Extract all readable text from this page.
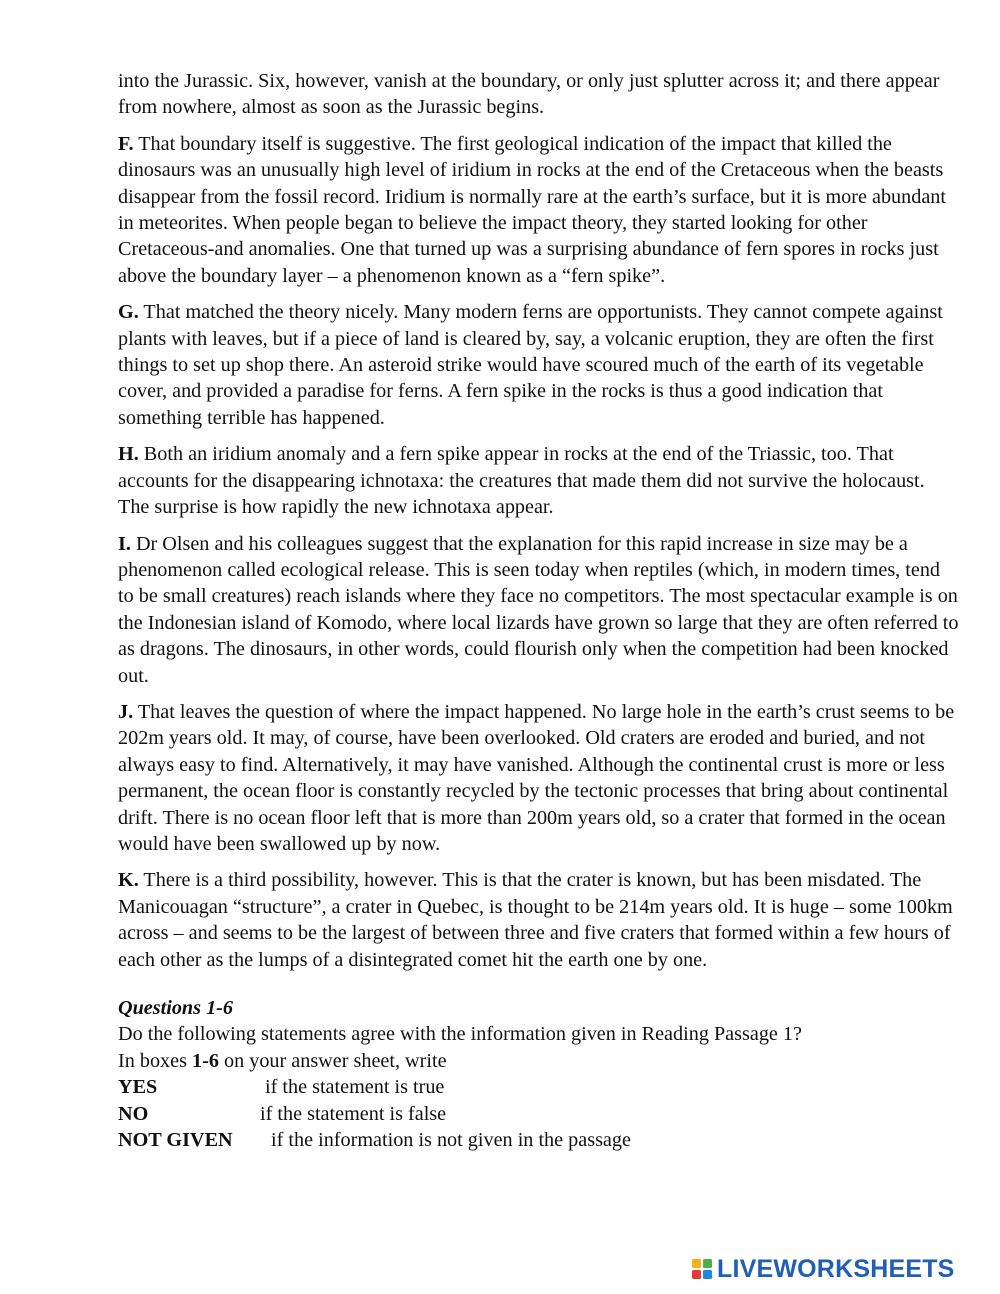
into the Jurassic. Six, however, vanish at the boundary, or only just splutter across it; and there appear from nowhere, almost as soon as the Jurassic begins.

F. That boundary itself is suggestive. The first geological indication of the impact that killed the dinosaurs was an unusually high level of iridium in rocks at the end of the Cretaceous when the beasts disappear from the fossil record. Iridium is normally rare at the earth’s surface, but it is more abundant in meteorites. When people began to believe the impact theory, they started looking for other Cretaceous-and anomalies. One that turned up was a surprising abundance of fern spores in rocks just above the boundary layer – a phenomenon known as a “fern spike”.

G. That matched the theory nicely. Many modern ferns are opportunists. They cannot compete against plants with leaves, but if a piece of land is cleared by, say, a volcanic eruption, they are often the first things to set up shop there. An asteroid strike would have scoured much of the earth of its vegetable cover, and provided a paradise for ferns. A fern spike in the rocks is thus a good indication that something terrible has happened.

H. Both an iridium anomaly and a fern spike appear in rocks at the end of the Triassic, too. That accounts for the disappearing ichnotaxa: the creatures that made them did not survive the holocaust. The surprise is how rapidly the new ichnotaxa appear.

I. Dr Olsen and his colleagues suggest that the explanation for this rapid increase in size may be a phenomenon called ecological release. This is seen today when reptiles (which, in modern times, tend to be small creatures) reach islands where they face no competitors. The most spectacular example is on the Indonesian island of Komodo, where local lizards have grown so large that they are often referred to as dragons. The dinosaurs, in other words, could flourish only when the competition had been knocked out.

J. That leaves the question of where the impact happened. No large hole in the earth’s crust seems to be 202m years old. It may, of course, have been overlooked. Old craters are eroded and buried, and not always easy to find. Alternatively, it may have vanished. Although the continental crust is more or less permanent, the ocean floor is constantly recycled by the tectonic processes that bring about continental drift. There is no ocean floor left that is more than 200m years old, so a crater that formed in the ocean would have been swallowed up by now.

K. There is a third possibility, however. This is that the crater is known, but has been misdated. The Manicouagan “structure”, a crater in Quebec, is thought to be 214m years old. It is huge – some 100km across – and seems to be the largest of between three and five craters that formed within a few hours of each other as the lumps of a disintegrated comet hit the earth one by one.

Questions 1-6
Do the following statements agree with the information given in Reading Passage 1?
In boxes 1-6 on your answer sheet, write
YES	if the statement is true
NO	if the statement is false
NOT GIVEN	if the information is not given in the passage
LIVEWORKSHEETS
